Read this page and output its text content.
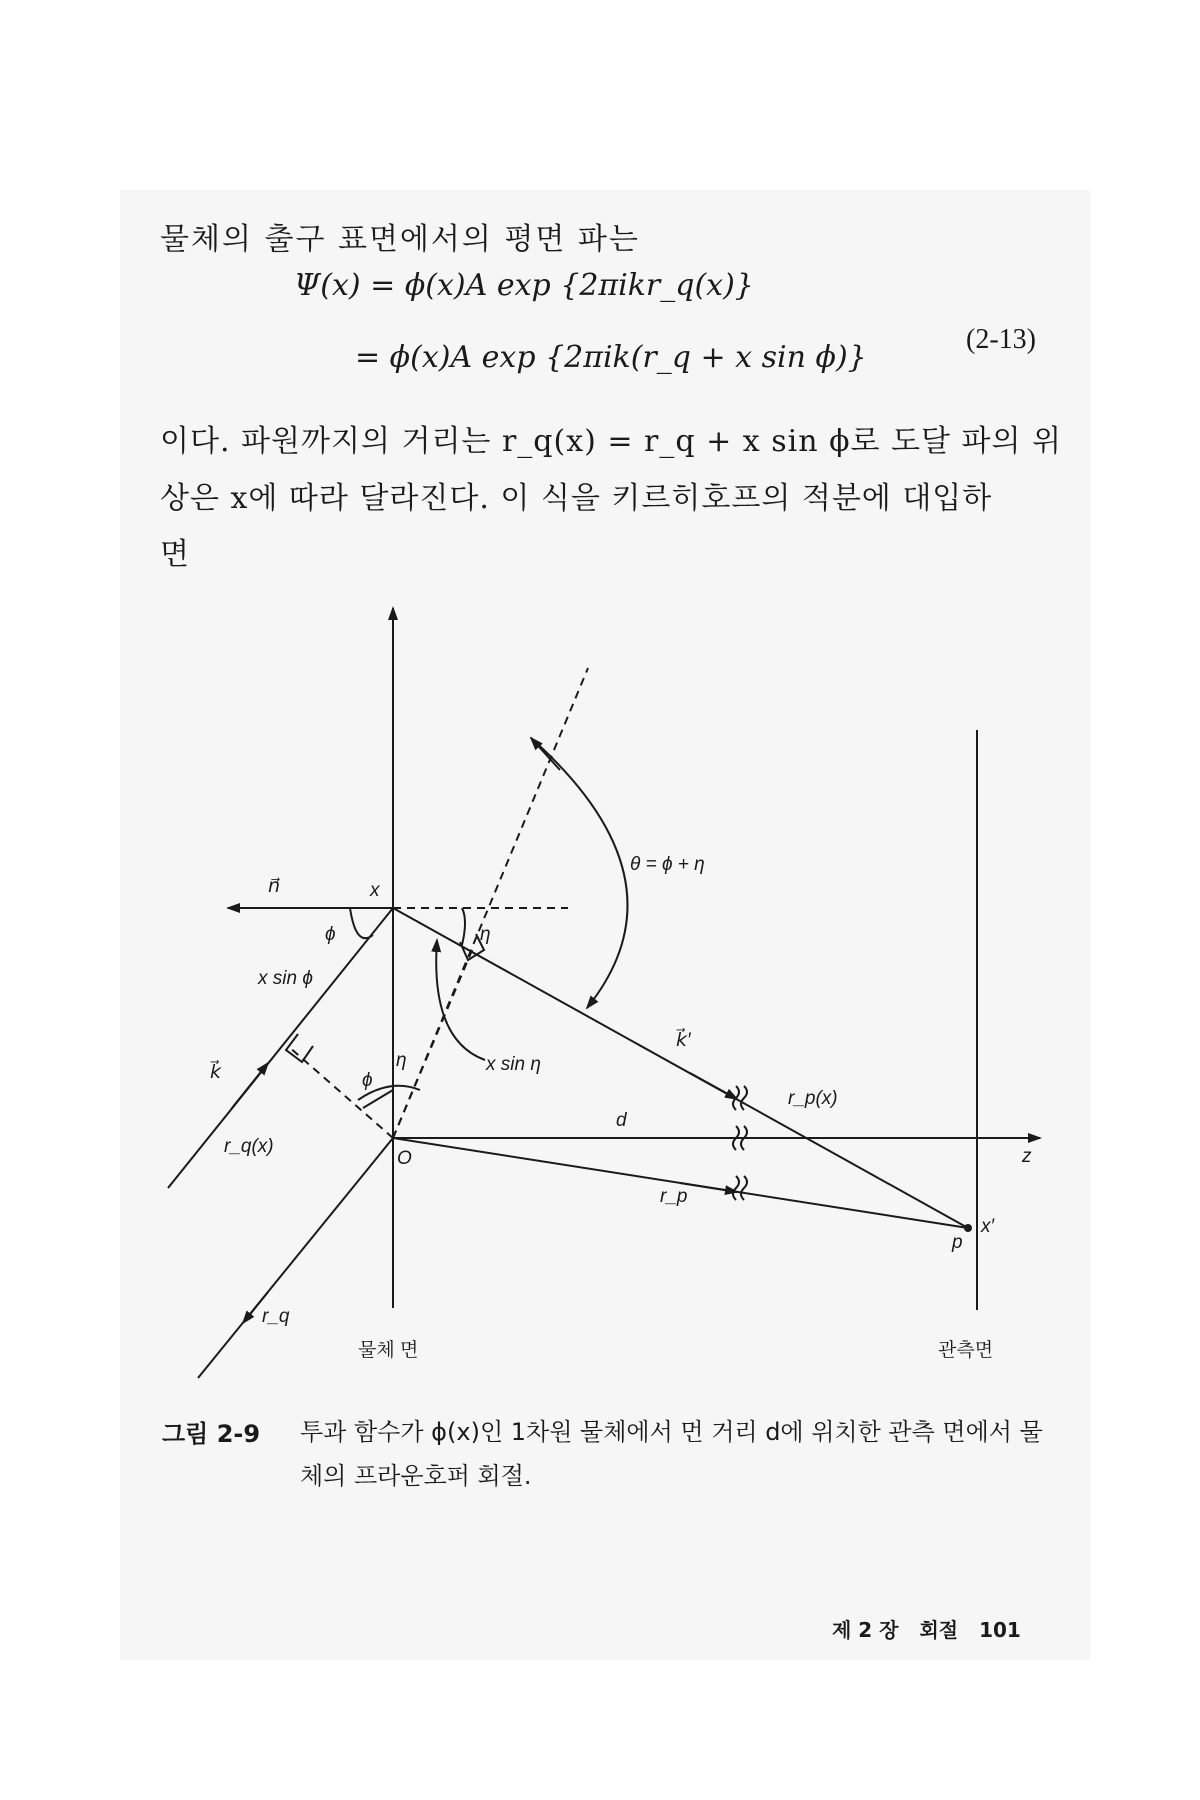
물체의 출구 표면에서의 평면 파는
Ψ(x) = ϕ(x)A exp {2πikr_q(x)}
= ϕ(x)A exp {2πik(r_q + x sin ϕ)}
(2-13)
이다. 파원까지의 거리는 r_q(x) = r_q + x sin ϕ로 도달 파의 위
상은 x에 따라 달라진다. 이 식을 키르히호프의 적분에 대입하
면
n⃗	x
ϕ	η
θ = ϕ + η
x sin ϕ
k⃗
k⃗′
ϕ
η	x sin η
r_q(x)
r_p(x)
d
z
O
r_p
r_q
p
x′
물체 면	관측면
그림 2-9 투과 함수가 ϕ(x)인 1차원 물체에서 먼 거리 d에 위치한 관측 면에서 물체의 프라운호퍼 회절.
제 2 장 회절 101
